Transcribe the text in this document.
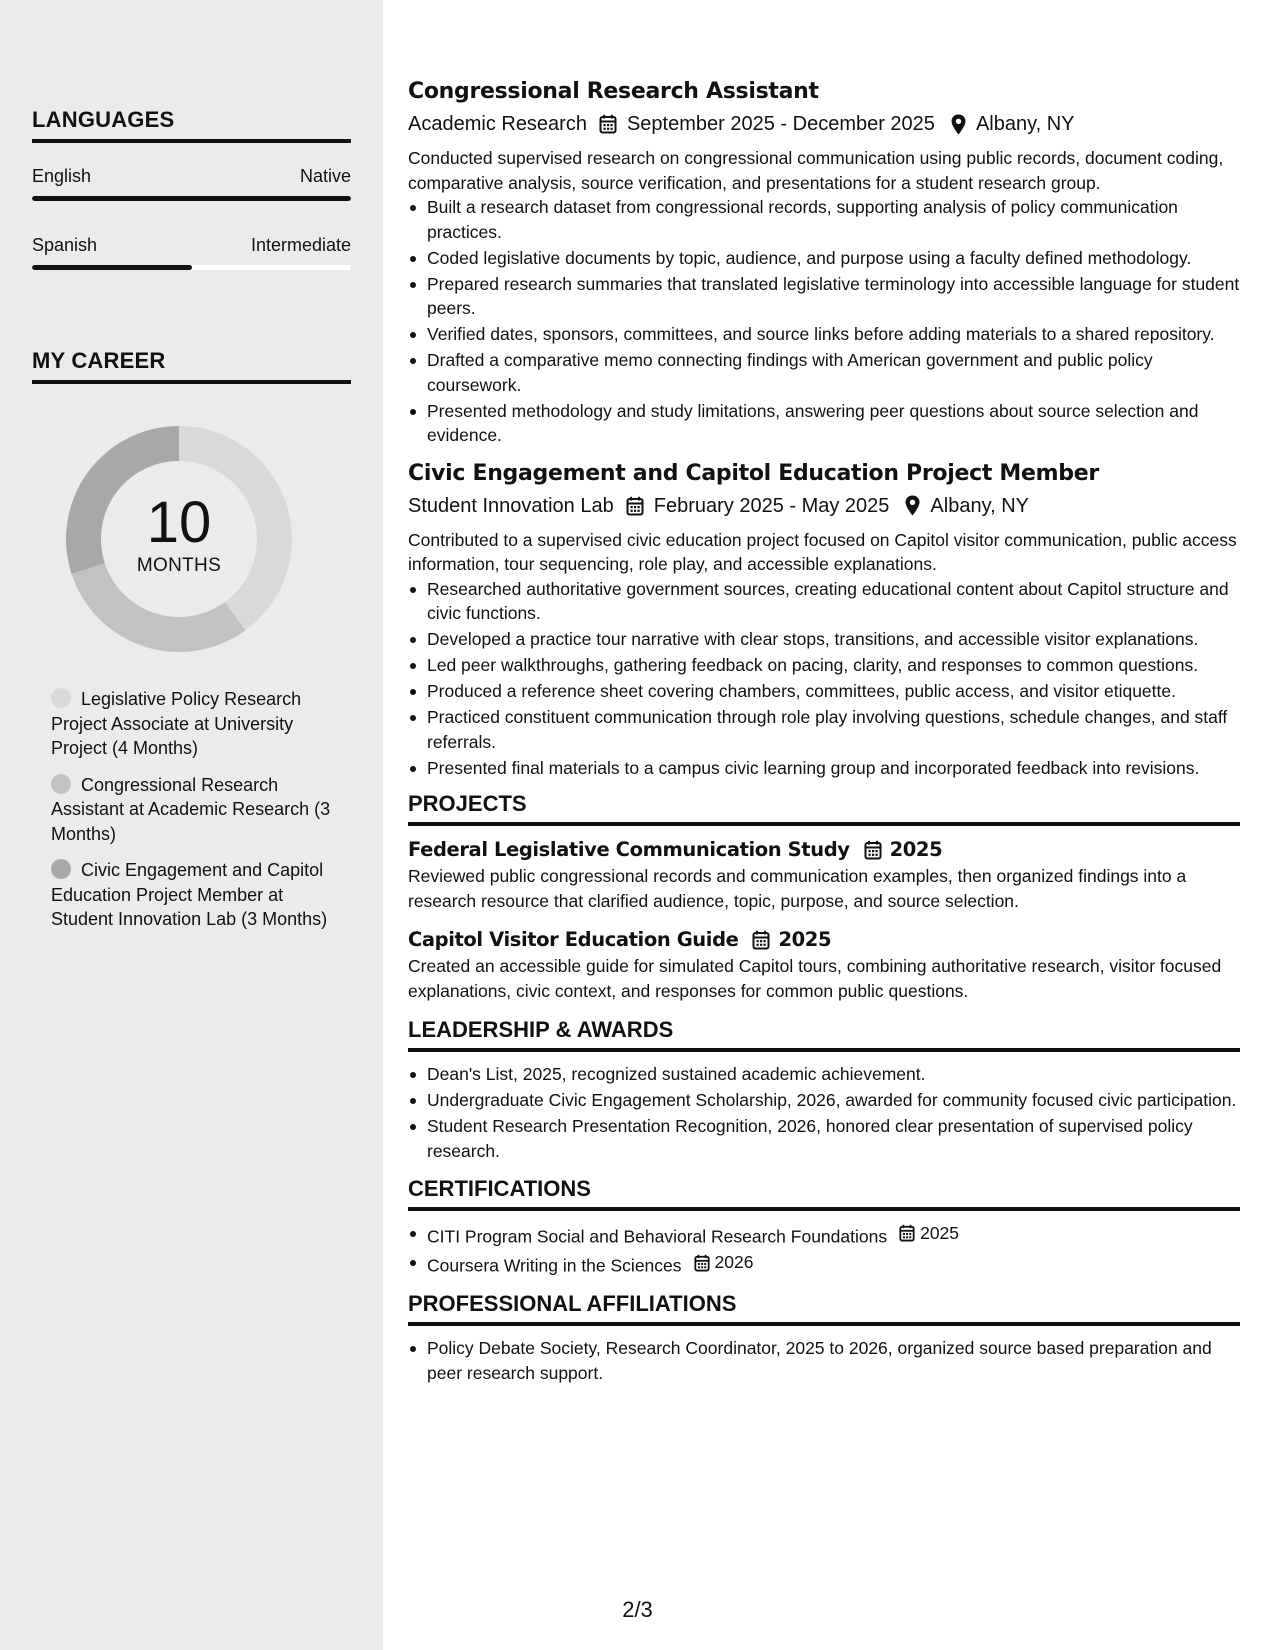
LANGUAGES
English	Native
Spanish	Intermediate
MY CAREER
10
MONTHS
Legislative Policy Research Project Associate at University Project (4 Months)
Congressional Research Assistant at Academic Research (3 Months)
Civic Engagement and Capitol Education Project Member at Student Innovation Lab (3 Months)
Congressional Research Assistant
Academic Research September 2025 - December 2025 Albany, NY

Conducted supervised research on congressional communication using public records, document coding, comparative analysis, source verification, and presentations for a student research group.

Built a research dataset from congressional records, supporting analysis of policy communication practices.
Coded legislative documents by topic, audience, and purpose using a faculty defined methodology.
Prepared research summaries that translated legislative terminology into accessible language for student peers.
Verified dates, sponsors, committees, and source links before adding materials to a shared repository.
Drafted a comparative memo connecting findings with American government and public policy coursework.
Presented methodology and study limitations, answering peer questions about source selection and evidence.
Civic Engagement and Capitol Education Project Member
Student Innovation Lab February 2025 - May 2025 Albany, NY

Contributed to a supervised civic education project focused on Capitol visitor communication, public access information, tour sequencing, role play, and accessible explanations.

Researched authoritative government sources, creating educational content about Capitol structure and civic functions.
Developed a practice tour narrative with clear stops, transitions, and accessible visitor explanations.
Led peer walkthroughs, gathering feedback on pacing, clarity, and responses to common questions.
Produced a reference sheet covering chambers, committees, public access, and visitor etiquette.
Practiced constituent communication through role play involving questions, schedule changes, and staff referrals.
Presented final materials to a campus civic learning group and incorporated feedback into revisions.
PROJECTS
Federal Legislative Communication Study 2025

Reviewed public congressional records and communication examples, then organized findings into a research resource that clarified audience, topic, purpose, and source selection.

Capitol Visitor Education Guide 2025

Created an accessible guide for simulated Capitol tours, combining authoritative research, visitor focused explanations, civic context, and responses for common public questions.

LEADERSHIP & AWARDS
Dean's List, 2025, recognized sustained academic achievement.
Undergraduate Civic Engagement Scholarship, 2026, awarded for community focused civic participation.
Student Research Presentation Recognition, 2026, honored clear presentation of supervised policy research.
CERTIFICATIONS
CITI Program Social and Behavioral Research Foundations 2025
Coursera Writing in the Sciences 2026
PROFESSIONAL AFFILIATIONS
Policy Debate Society, Research Coordinator, 2025 to 2026, organized source based preparation and peer research support.
2/3
